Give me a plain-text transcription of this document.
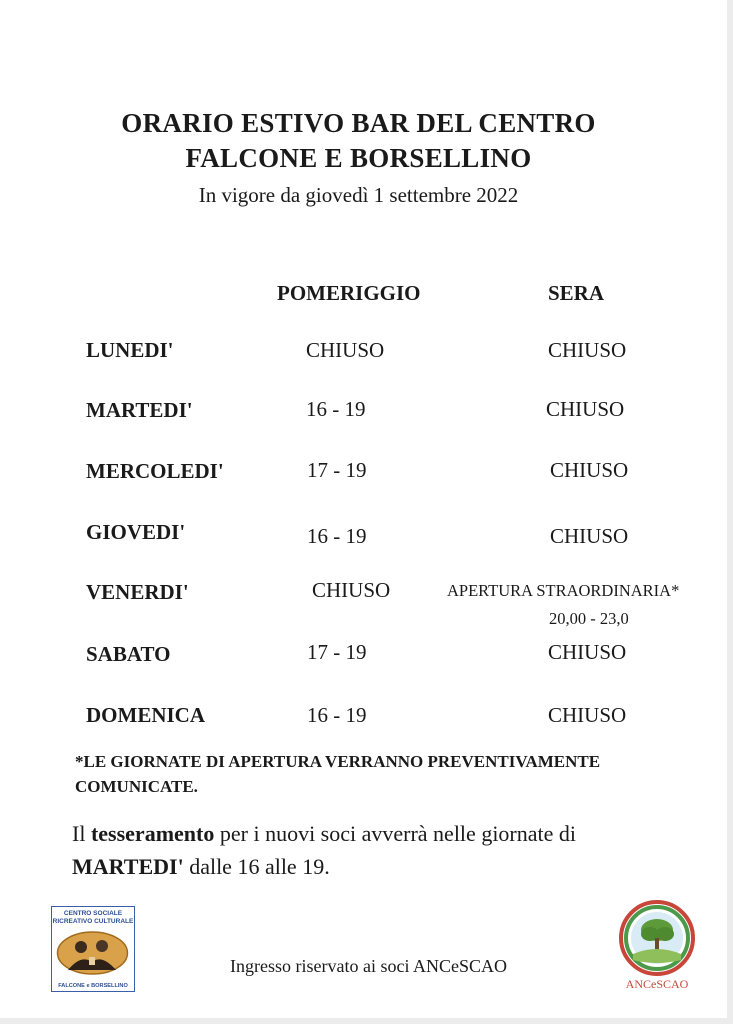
ORARIO ESTIVO BAR DEL CENTRO
FALCONE E BORSELLINO
In vigore da giovedì 1 settembre 2022
POMERIGGIO	SERA
LUNEDI'	CHIUSO	CHIUSO
MARTEDI'	16 - 19	CHIUSO
MERCOLEDI'	17 - 19	CHIUSO
GIOVEDI'	16 - 19	CHIUSO
VENERDI'	CHIUSO	APERTURA STRAORDINARIA*
20,00 - 23,0
SABATO	17 - 19	CHIUSO
DOMENICA	16 - 19	CHIUSO
*LE GIORNATE DI APERTURA VERRANNO PREVENTIVAMENTE COMUNICATE.
Il tesseramento per i nuovi soci avverrà nelle giornate di
MARTEDI' dalle 16 alle 19.
CENTRO SOCIALE
RICREATIVO CULTURALE
FALCONE e BORSELLINO
Ingresso riservato ai soci ANCeSCAO
ANCeSCAO
